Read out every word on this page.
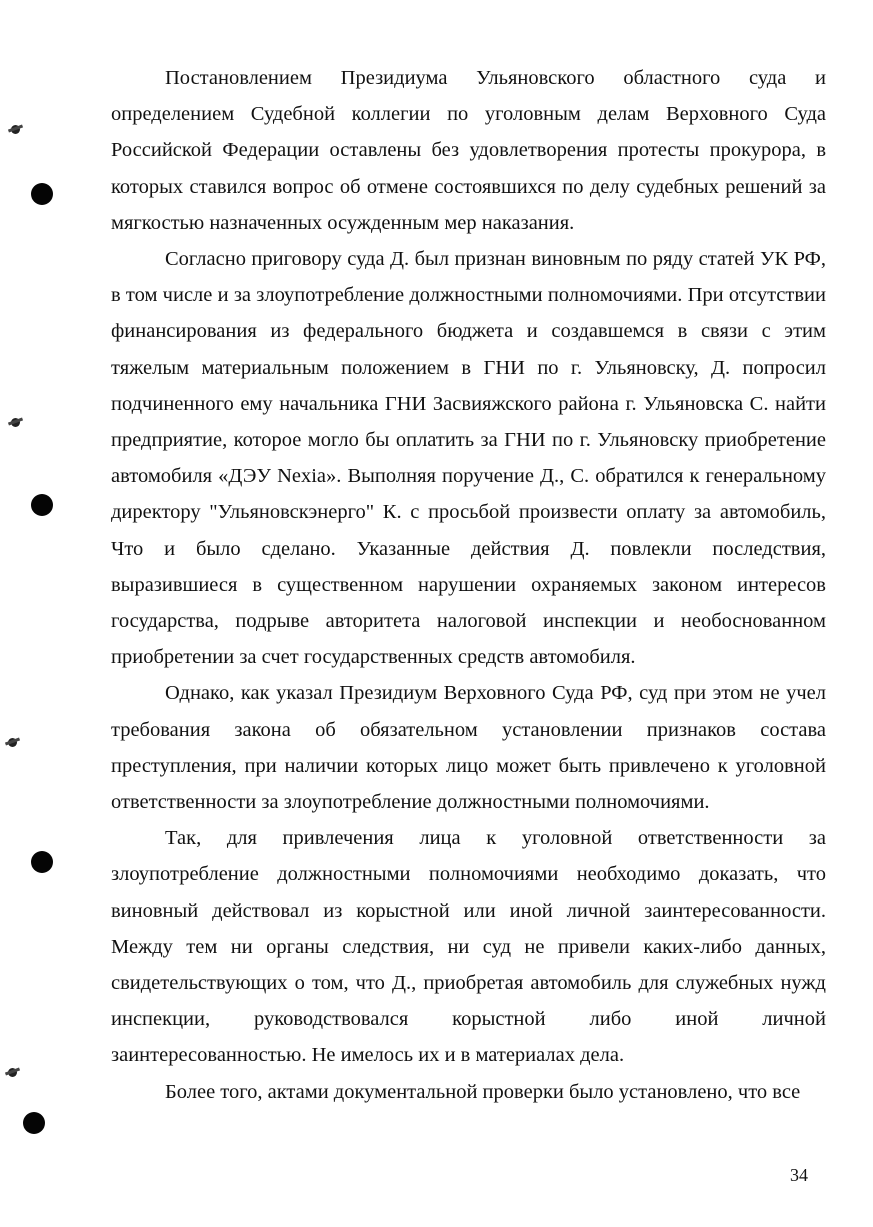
Постановлением Президиума Ульяновского областного суда и определением Судебной коллегии по уголовным делам Верховного Суда Российской Федерации оставлены без удовлетворения протесты прокурора, в которых ставился вопрос об отмене состоявшихся по делу судебных решений за мягкостью назначенных осужденным мер наказания.

Согласно приговору суда Д. был признан виновным по ряду статей УК РФ, в том числе и за злоупотребление должностными полномочиями. При отсутствии финансирования из федерального бюджета и создавшемся в связи с этим тяжелым материальным положением в ГНИ по г. Ульяновску, Д. попросил подчиненного ему начальника ГНИ Засвияжского района г. Ульяновска С. найти предприятие, которое могло бы оплатить за ГНИ по г. Ульяновску приобретение автомобиля «ДЭУ Nexia». Выполняя поручение Д., С. обратился к генеральному директору "Ульяновскэнерго" К. с просьбой произвести оплату за автомобиль, Что и было сделано. Указанные действия Д. повлекли последствия, выразившиеся в существенном нарушении охраняемых законом интересов государства, подрыве авторитета налоговой инспекции и необоснованном приобретении за счет государственных средств автомобиля.

Однако, как указал Президиум Верховного Суда РФ, суд при этом не учел требования закона об обязательном установлении признаков состава преступления, при наличии которых лицо может быть привлечено к уголовной ответственности за злоупотребление должностными полномочиями.

Так, для привлечения лица к уголовной ответственности за злоупотребление должностными полномочиями необходимо доказать, что виновный действовал из корыстной или иной личной заинтересованности. Между тем ни органы следствия, ни суд не привели каких-либо данных, свидетельствующих о том, что Д., приобретая автомобиль для служебных нужд инспекции, руководствовался корыстной либо иной личной заинтересованностью. Не имелось их и в материалах дела.

Более того, актами документальной проверки было установлено, что все

34
